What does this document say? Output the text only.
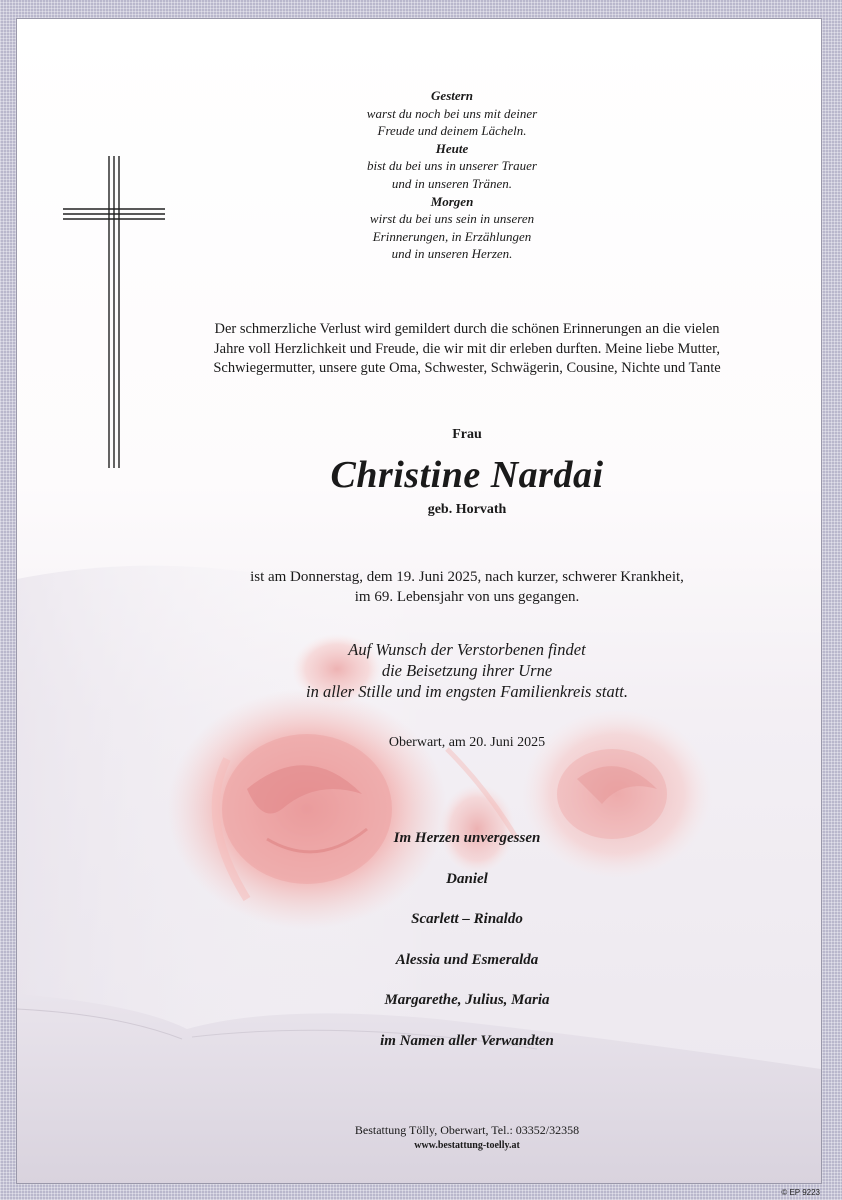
Gestern
warst du noch bei uns mit deiner
Freude und deinem Lächeln.
Heute
bist du bei uns in unserer Trauer
und in unseren Tränen.
Morgen
wirst du bei uns sein in unseren
Erinnerungen, in Erzählungen
und in unseren Herzen.
Der schmerzliche Verlust wird gemildert durch die schönen Erinnerungen an die vielen
Jahre voll Herzlichkeit und Freude, die wir mit dir erleben durften. Meine liebe Mutter,
Schwiegermutter, unsere gute Oma, Schwester, Schwägerin, Cousine, Nichte und Tante
Frau
Christine Nardai
geb. Horvath
ist am Donnerstag, dem 19. Juni 2025, nach kurzer, schwerer Krankheit,
im 69. Lebensjahr von uns gegangen.
Auf Wunsch der Verstorbenen findet
die Beisetzung ihrer Urne
in aller Stille und im engsten Familienkreis statt.
Oberwart, am 20. Juni 2025
Im Herzen unvergessen
Daniel
Scarlett – Rinaldo
Alessia und Esmeralda
Margarethe, Julius, Maria
im Namen aller Verwandten
Bestattung Tölly, Oberwart, Tel.: 03352/32358
www.bestattung-toelly.at
© EP 9223
